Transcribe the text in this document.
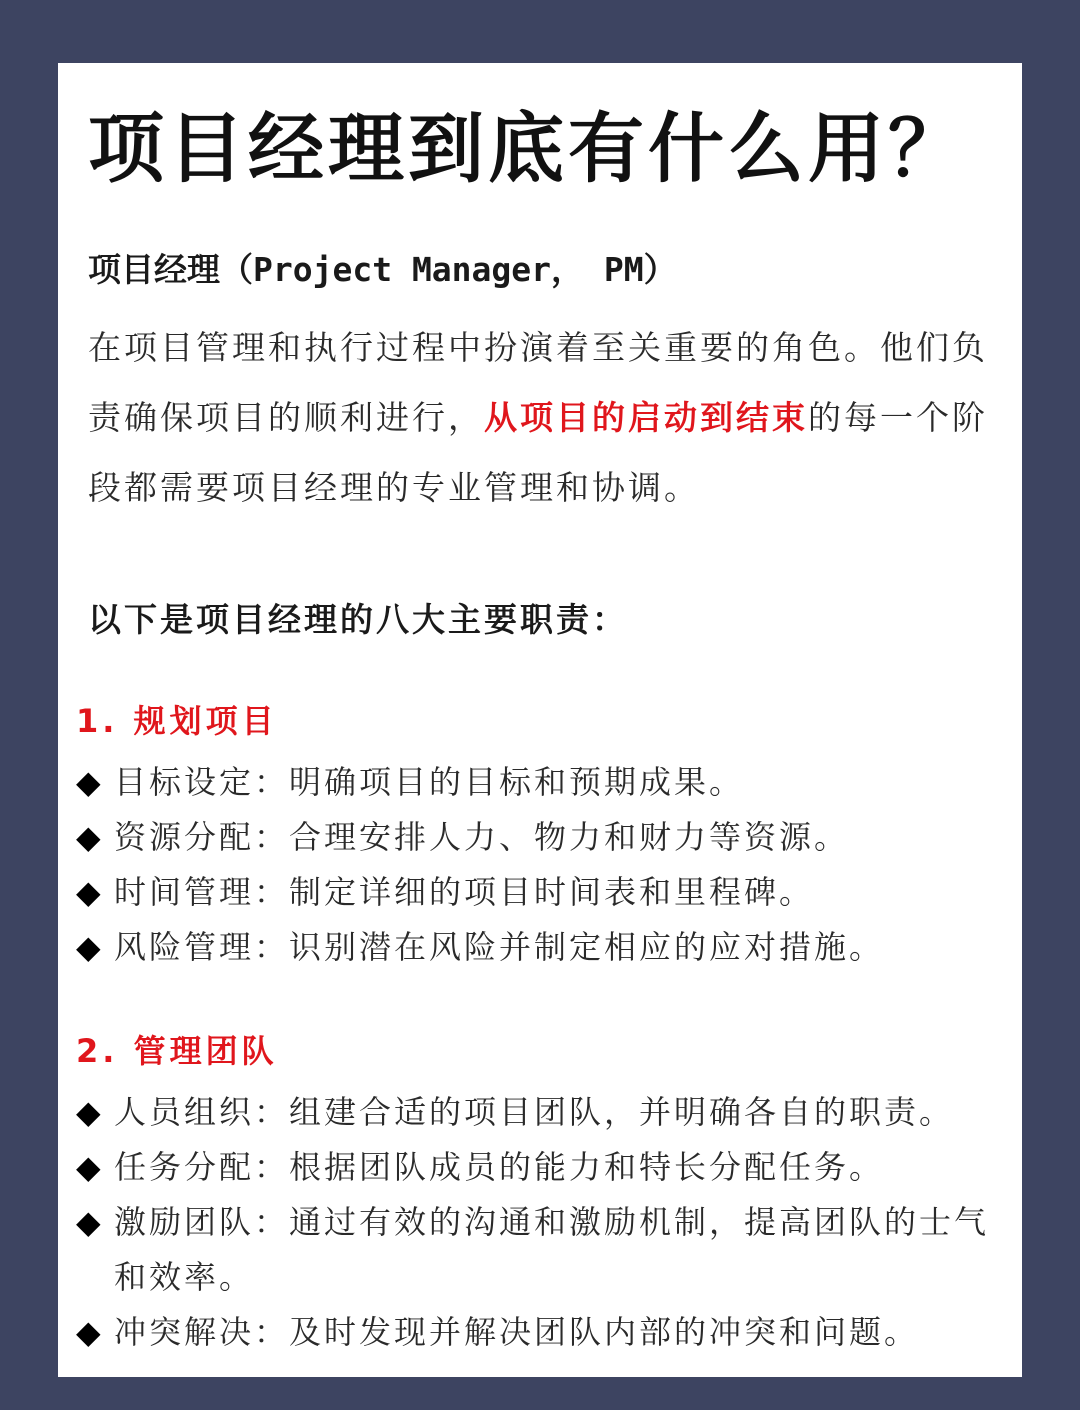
项目经理到底有什么用？

项目经理（Project Manager， PM）

在项目管理和执行过程中扮演着至关重要的角色。他们负责确保项目的顺利进行，从项目的启动到结束的每一个阶段都需要项目经理的专业管理和协调。

以下是项目经理的八大主要职责：

1. 规划项目
◆ 目标设定：明确项目的目标和预期成果。
◆ 资源分配：合理安排人力、物力和财力等资源。
◆ 时间管理：制定详细的项目时间表和里程碑。
◆ 风险管理：识别潜在风险并制定相应的应对措施。
2. 管理团队
◆ 人员组织：组建合适的项目团队，并明确各自的职责。
◆ 任务分配：根据团队成员的能力和特长分配任务。
◆ 激励团队：通过有效的沟通和激励机制，提高团队的士气和效率。
◆ 冲突解决：及时发现并解决团队内部的冲突和问题。
